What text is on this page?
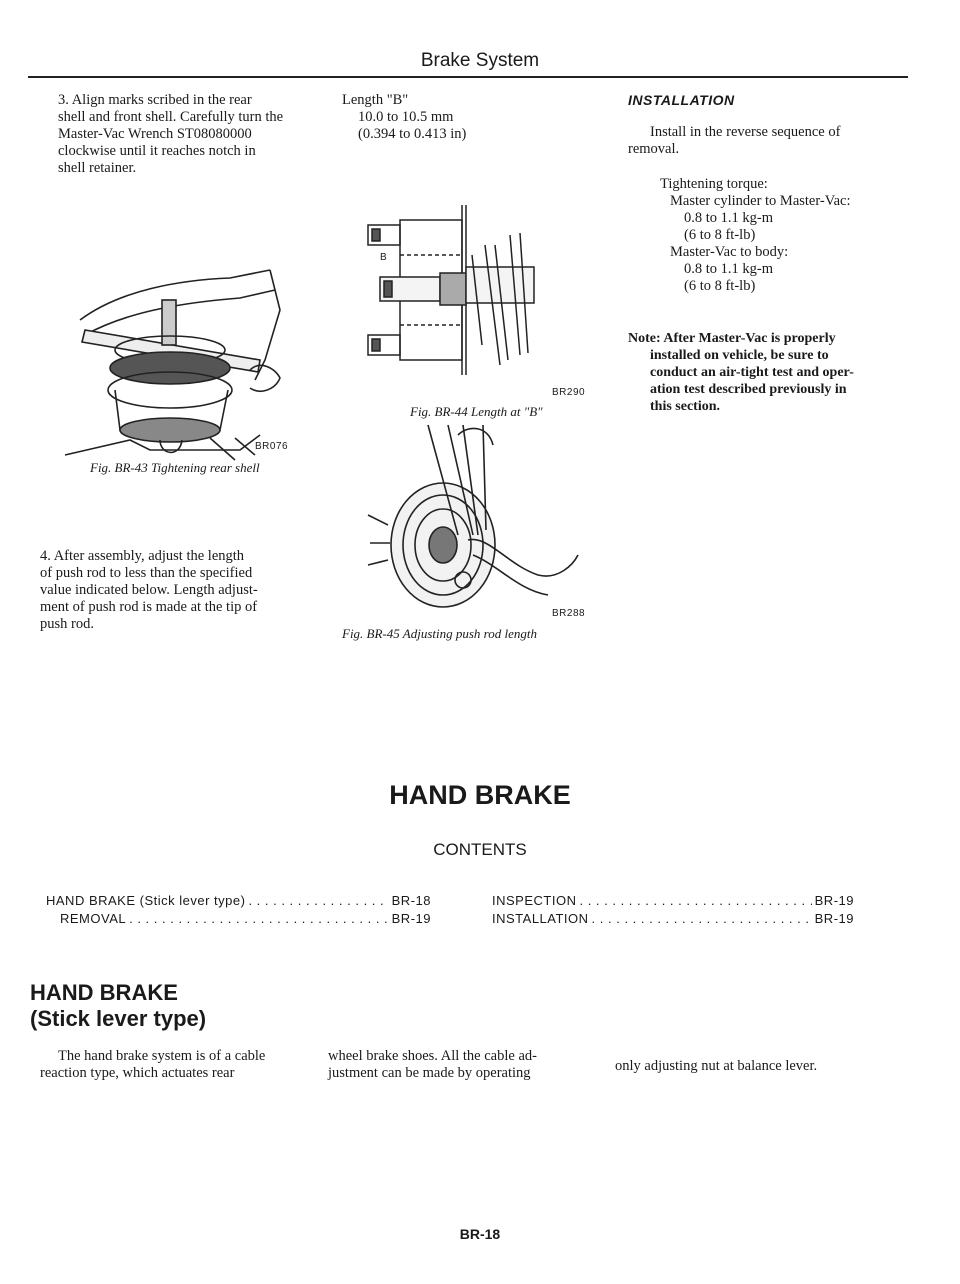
Brake System

3. Align marks scribed in the rear

shell and front shell. Carefully turn the

Master-Vac Wrench ST08080000

clockwise until it reaches notch in

shell retainer.

BR076
Fig. BR-43 Tightening rear shell

4. After assembly, adjust the length

of push rod to less than the specified

value indicated below. Length adjust-

ment of push rod is made at the tip of

push rod.

Length "B"

10.0 to 10.5 mm

(0.394 to 0.413 in)

B
BR290
Fig. BR-44 Length at "B"
BR288
Fig. BR-45 Adjusting push rod length
INSTALLATION

Install in the reverse sequence of

removal.

Tightening torque:

Master cylinder to Master-Vac:

0.8 to 1.1 kg-m

(6 to 8 ft-lb)

Master-Vac to body:

0.8 to 1.1 kg-m

(6 to 8 ft-lb)

Note: After Master-Vac is properly

installed on vehicle, be sure to

conduct an air-tight test and oper-

ation test described previously in

this section.

HAND BRAKE
CONTENTS
HAND BRAKE (Stick lever type) . . .	BR-18
REMOVAL . . .	BR-19
INSPECTION . . .	BR-19
INSTALLATION . . .	BR-19
HAND BRAKE
(Stick lever type)

The hand brake system is of a cable

reaction type, which actuates rear

wheel brake shoes. All the cable ad-

justment can be made by operating	only adjusting nut at balance lever.

BR-18
